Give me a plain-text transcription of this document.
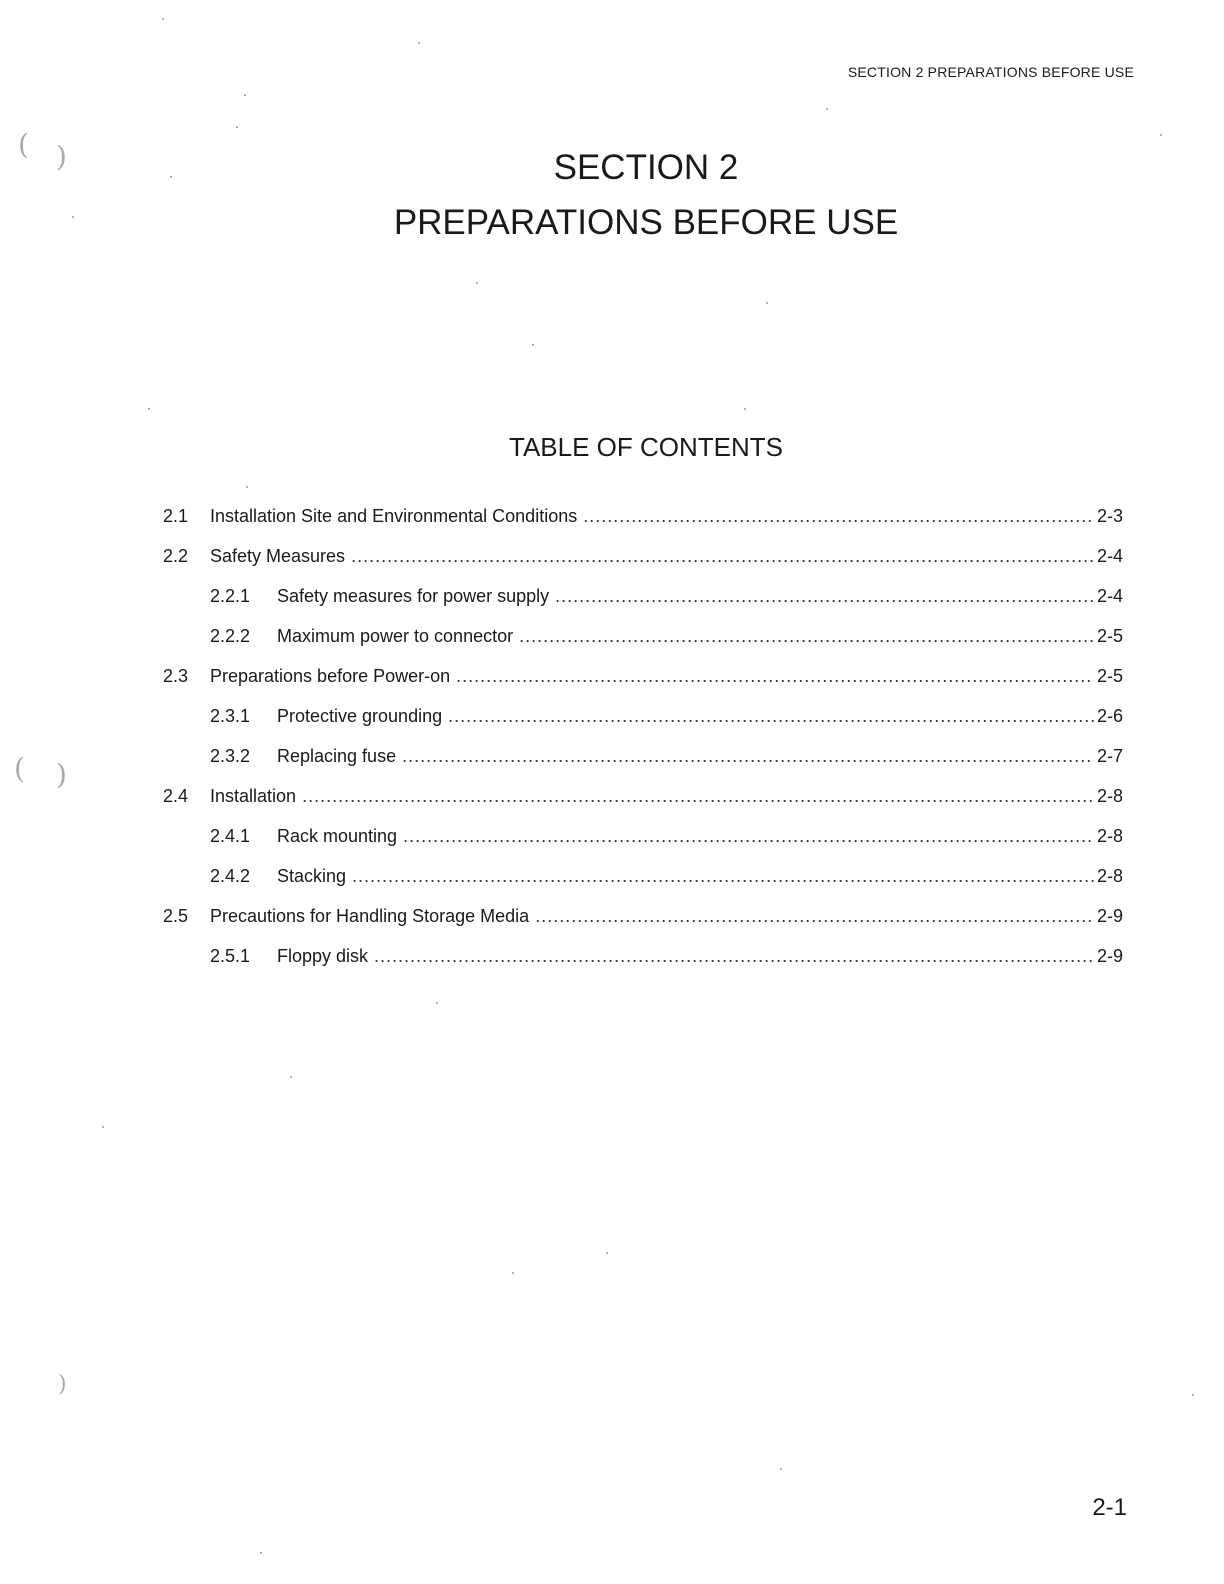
SECTION 2 PREPARATIONS BEFORE USE
SECTION 2
PREPARATIONS BEFORE USE
TABLE OF CONTENTS
2.1	Installation Site and Environmental Conditions .....	2-3
2.2	Safety Measures .....	2-4
2.2.1	Safety measures for power supply .....	2-4
2.2.2	Maximum power to connector .....	2-5
2.3	Preparations before Power-on .....	2-5
2.3.1	Protective grounding .....	2-6
2.3.2	Replacing fuse .....	2-7
2.4	Installation .....	2-8
2.4.1	Rack mounting .....	2-8
2.4.2	Stacking .....	2-8
2.5	Precautions for Handling Storage Media .....	2-9
2.5.1	Floppy disk .....	2-9
2-1
( )
( )
)
